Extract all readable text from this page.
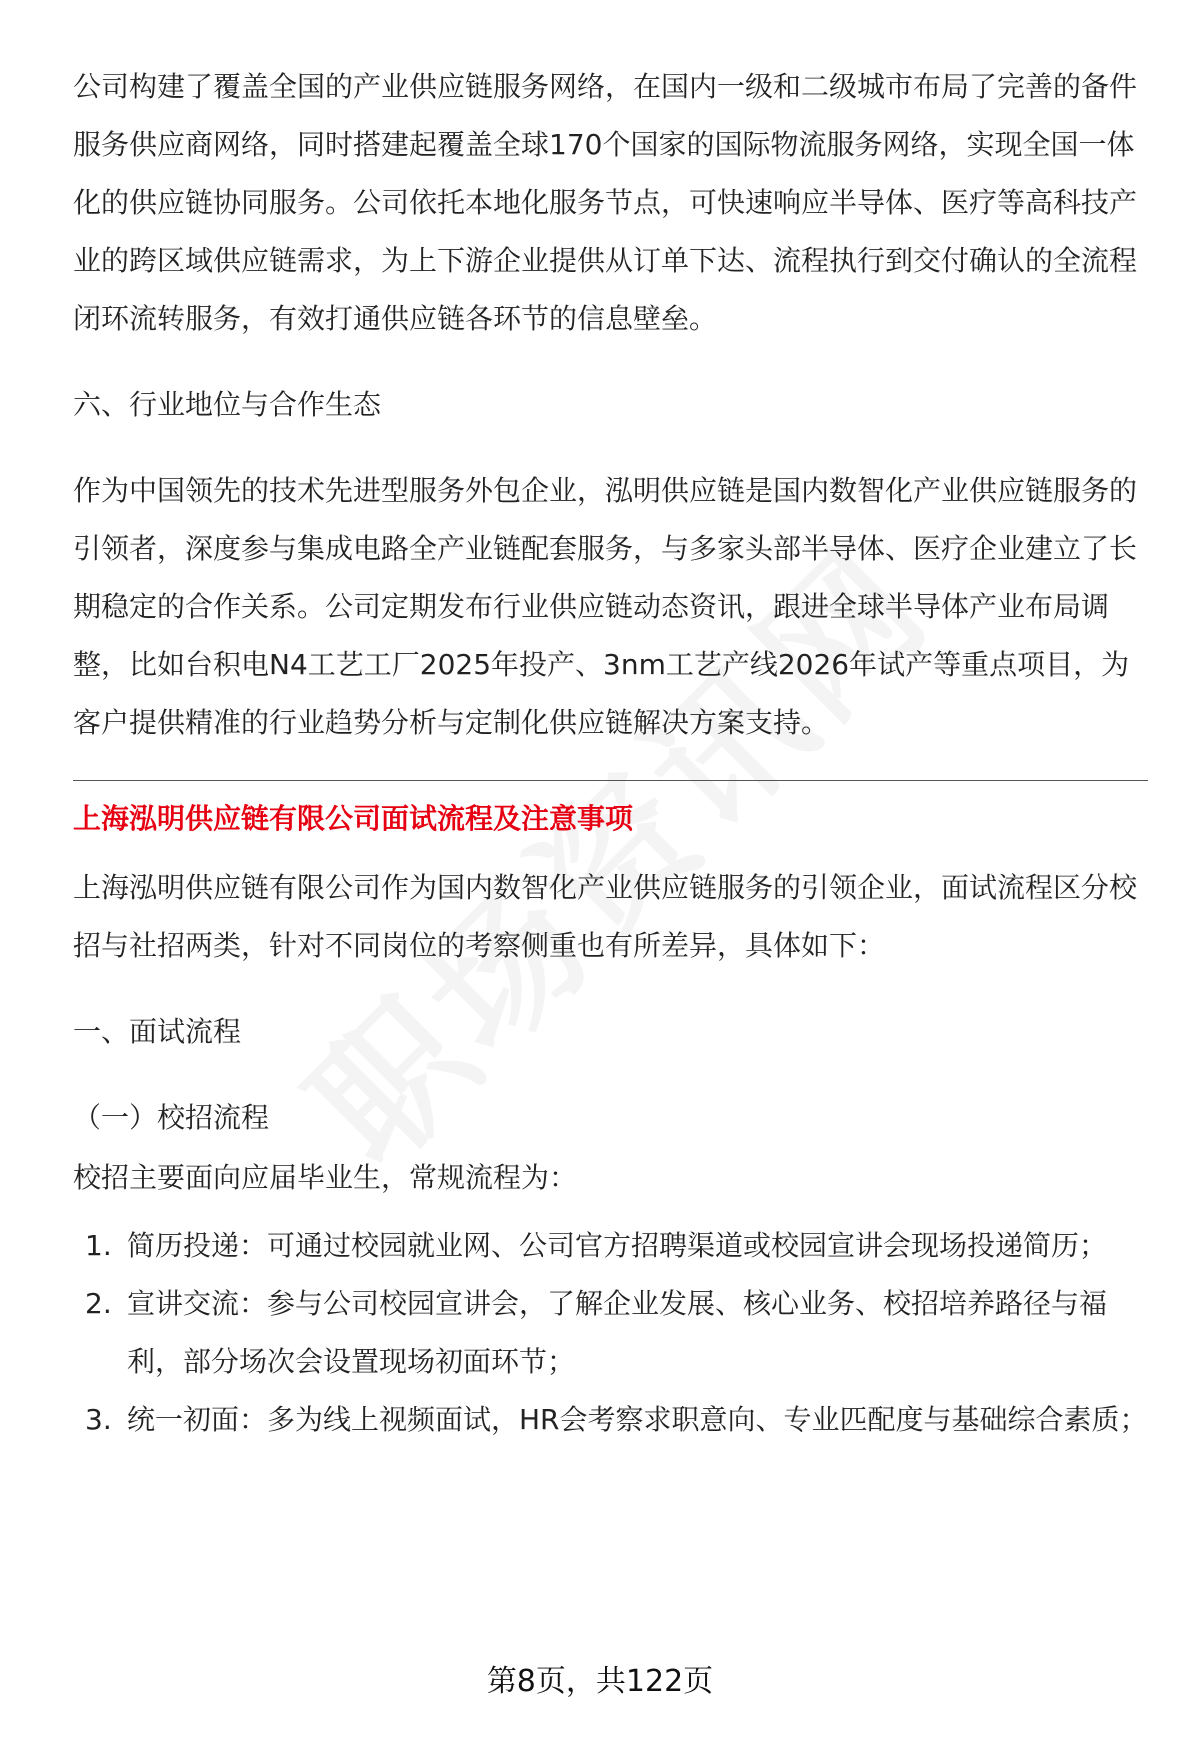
公司构建了覆盖全国的产业供应链服务网络，在国内一级和二级城市布局了完善的备件服务供应商网络，同时搭建起覆盖全球170个国家的国际物流服务网络，实现全国一体化的供应链协同服务。公司依托本地化服务节点，可快速响应半导体、医疗等高科技产业的跨区域供应链需求，为上下游企业提供从订单下达、流程执行到交付确认的全流程闭环流转服务，有效打通供应链各环节的信息壁垒。

六、行业地位与合作生态

作为中国领先的技术先进型服务外包企业，泓明供应链是国内数智化产业供应链服务的引领者，深度参与集成电路全产业链配套服务，与多家头部半导体、医疗企业建立了长期稳定的合作关系。公司定期发布行业供应链动态资讯，跟进全球半导体产业布局调整，比如台积电N4工艺工厂2025年投产、3nm工艺产线2026年试产等重点项目，为客户提供精准的行业趋势分析与定制化供应链解决方案支持。

上海泓明供应链有限公司面试流程及注意事项

上海泓明供应链有限公司作为国内数智化产业供应链服务的引领企业，面试流程区分校招与社招两类，针对不同岗位的考察侧重也有所差异，具体如下：

一、面试流程

（一）校招流程

校招主要面向应届毕业生，常规流程为：

1. 简历投递：可通过校园就业网、公司官方招聘渠道或校园宣讲会现场投递简历；
2. 宣讲交流：参与公司校园宣讲会，了解企业发展、核心业务、校招培养路径与福利，部分场次会设置现场初面环节；
3. 统一初面：多为线上视频面试，HR会考察求职意向、专业匹配度与基础综合素质；
第8页，共122页
